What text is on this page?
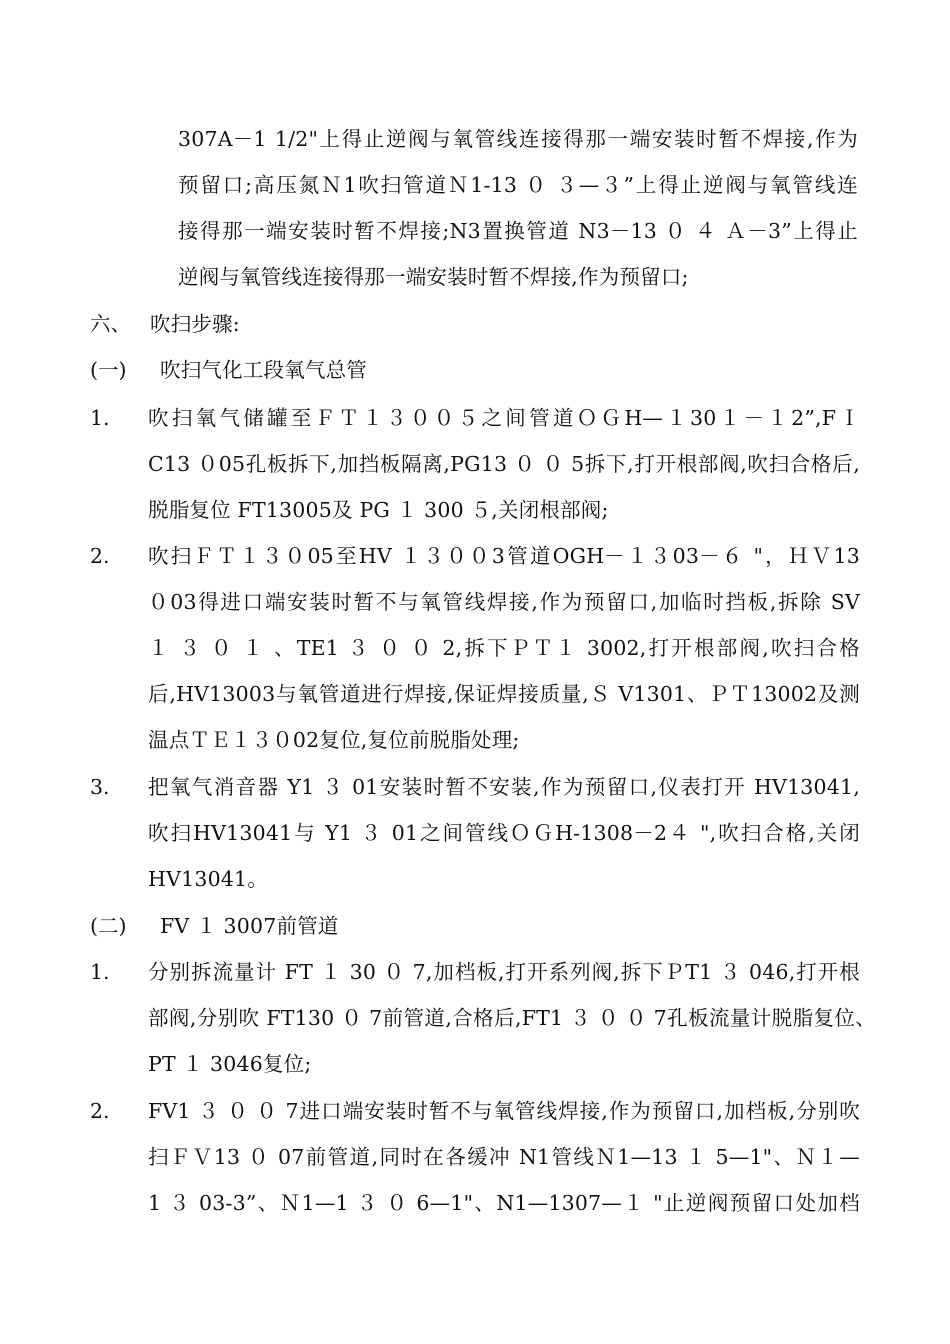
307A－1 1/2"上得止逆阀与氧管线连接得那一端安装时暂不焊接,作为
预留口;高压氮Ｎ1吹扫管道Ｎ1-13 ０ ３—３”上得止逆阀与氧管线连
接得那一端安装时暂不焊接;N3置换管道 N3－13 ０ ４ Ａ－3”上得止
逆阀与氧管线连接得那一端安装时暂不焊接,作为预留口;
六、 吹扫步骤:
(一) 吹扫气化工段氧气总管
1. 吹扫氧气储罐至ＦＴ１３００５之间管道ＯＧH—１30１－１2”,FＩ
C13 ０05孔板拆下,加挡板隔离,PG13 ０ ０ 5拆下,打开根部阀,吹扫合格后,
脱脂复位 FT13005及 PG １ 300 ５,关闭根部阀;
2. 吹扫ＦＴ１３０05至HV １３００3管道OGH－１３03－６ "，ＨＶ13
０03得进口端安装时暂不与氧管线焊接,作为预留口,加临时挡板,拆除 SV
１ ３ ０ １ 、TE1 ３ ０ ０ 2,拆下ＰＴ１ 3002,打开根部阀,吹扫合格
后,HV13003与氧管道进行焊接,保证焊接质量,Ｓ V1301、ＰＴ13002及测
温点ＴＥ１３０02复位,复位前脱脂处理;
3. 把氧气消音器 Y1 ３ 01安装时暂不安装,作为预留口,仪表打开 HV13041,
吹扫HV13041与 Y1 ３ 01之间管线ＯＧH-1308－2４ ",吹扫合格,关闭
HV13041。
(二) FV １ 3007前管道
1. 分别拆流量计 FT １ 30 ０ 7,加档板,打开系列阀,拆下ＰT1 ３ 046,打开根
部阀,分别吹 FT130 ０ 7前管道,合格后,FT1 ３ ０ ０ 7孔板流量计脱脂复位、
PT １ 3046复位;
2. FV1 ３ ０ ０ 7进口端安装时暂不与氧管线焊接,作为预留口,加档板,分别吹
扫ＦＶ13 ０ 07前管道,同时在各缓冲 N1管线Ｎ1—13 １ 5—1"、Ｎ１—
1 ３ 03-3”、Ｎ1—1 ３ ０ 6—1"、N1—1307—１ "止逆阀预留口处加档
